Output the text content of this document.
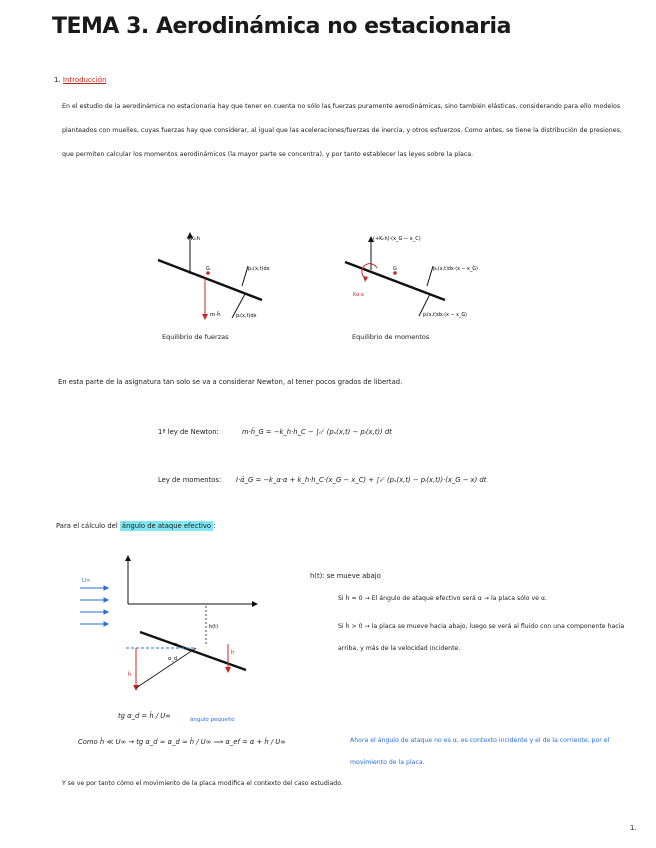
TEMA 3. Aerodinámica no estacionaria
1. Introducción
En el estudio de la aerodinámica no estacionaria hay que tener en cuenta no sólo las fuerzas puramente aerodinámicas, sino también elásticas, considerando para ello modelos planteados con muelles, cuyas fuerzas hay que considerar, al igual que las aceleraciones/fuerzas de inercia, y otros esfuerzos. Como antes, se tiene la distribución de presiones, que permiten calcular los momentos aerodinámicos (la mayor parte se concentra), y por tanto establecer las leyes sobre la placa.
+Kₕh
m·ḧ
pₛ(x,t)dx
pᵢ(x,t)dx
G
Equilibrio de fuerzas
(+Kₕh)·(x_G − x_C)
pₛ(x,t)dx·(x − x_G)
pᵢ(x,t)dx·(x − x_G)
Kα·α
G
Equilibrio de momentos
En esta parte de la asignatura tan solo se va a considerar Newton, al tener pocos grados de libertad.
1ª ley de Newton:	m·ḧ_G = −k_h·h_C − ∫₀ᶜ (pₛ(x,t) − pᵢ(x,t)) dt
Ley de momentos: I·α̈_G = −k_α·α + k_h·h_C·(x_G − x_C) + ∫₀ᶜ (pₛ(x,t) − pᵢ(x,t))·(x_G − x) dt
Para el cálculo del ángulo de ataque efectivo :
U∞
h(t)
ḣ
ḣ
α
α_d
h(t): se mueve abajo
Si ḣ = 0 → El ángulo de ataque efectivo será α → la placa sólo ve α.
Si ḣ > 0 → la placa se mueve hacia abajo, luego se verá al fluido con una componente hacia arriba, y más de la velocidad incidente.
tg α_d = ḣ / U∞	ángulo pequeño
Como ḣ ≪ U∞ → tg α_d ≈ α_d ≈ ḣ / U∞ ⟹ α_ef = α + ḣ / U∞	Ahora el ángulo de ataque no es α, es contexto incidente y el de la corriente, por el movimiento de la placa.
Y se ve por tanto cómo el movimiento de la placa modifica el contexto del caso estudiado.
1.
